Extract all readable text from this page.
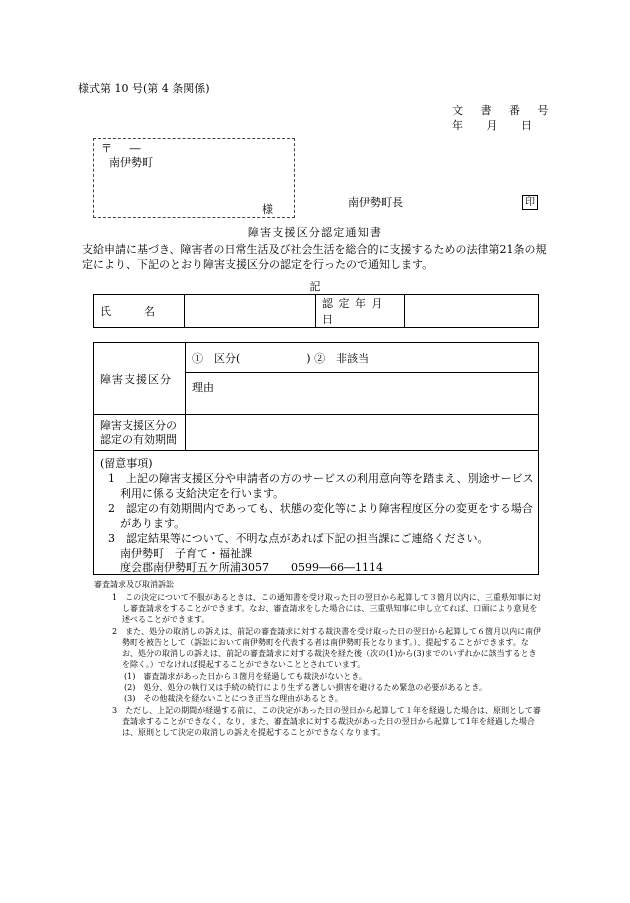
様式第 10 号(第 4 条関係)
文 書 番 号
年 月 日
〒 ―
南伊勢町
様
南伊勢町長	印
障害支援区分認定通知書
支給申請に基づき、障害者の日常生活及び社会生活を総合的に支援するための法律第21条の規定により、下記のとおり障害支援区分の認定を行ったので通知します。
記
氏　　　名		認 定 年 月 日	
障害支援区分	①　区分(　　　　　　) ②　非該当
	理由
障害支援区分の
認定の有効期間	
(留意事項)
1　上記の障害支援区分や申請者の方のサービスの利用意向等を踏まえ、別途サービス利用に係る支給決定を行います。
2　認定の有効期間内であっても、状態の変化等により障害程度区分の変更をする場合があります。
3　認定結果等について、不明な点があれば下記の担当課にご連絡ください。
南伊勢町　子育て・福祉課
度会郡南伊勢町五ケ所浦3057　　0599―66―1114
審査請求及び取消訴訟
1　この決定について不服があるときは、この通知書を受け取った日の翌日から起算して３箇月以内に、三重県知事に対し審査請求をすることができます。なお、審査請求をした場合には、三重県知事に申し立てれば、口頭により意見を述べることができます。
2　また、処分の取消しの訴えは、前記の審査請求に対する裁決書を受け取った日の翌日から起算して６箇月以内に南伊勢町を被告として（訴訟において南伊勢町を代表する者は南伊勢町長となります。）、提起することができます。なお、処分の取消しの訴えは、前記の審査請求に対する裁決を経た後（次の(1)から(3)までのいずれかに該当するときを除く。）でなければ提起することができないこととされています。
(1)　審査請求があった日から３箇月を経過しても裁決がないとき。
(2)　処分、処分の執行又は手続の続行により生ずる著しい損害を避けるため緊急の必要があるとき。
(3)　その他裁決を経ないことにつき正当な理由があるとき。
3　ただし、上記の期間が経過する前に、この決定があった日の翌日から起算して１年を経過した場合は、原則として審査請求することができなく、なり、また、審査請求に対する裁決があった日の翌日から起算して1年を経過した場合は、原則として決定の取消しの訴えを提起することができなくなります。
